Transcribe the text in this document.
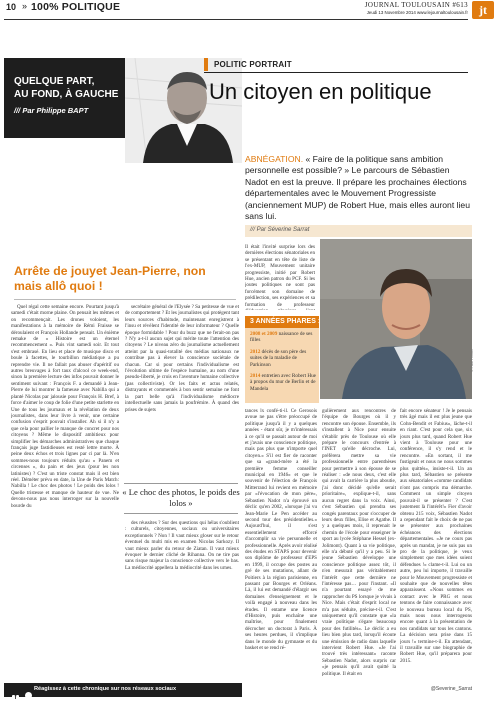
10 » 100% POLITIQUE	JOURNAL TOULOUSAIN #613
Jeudi 13 Novembre 2014 www.lejournaltoulousain.fr jt
QUELQUE PART,
AU FOND, À GAUCHE
/// Par Philippe BAPT
Arrête de jouyet Jean-Pierre, non mais allô quoi !

Quel régal cette semaine encore. Pourtant jusqu'à samedi c'était morne plaine. On pensait les mêmes et on recommençait. Les drones voloient, les manifestations à la mémoire de Rémi Fraisse se déroulaient et François Hollande pensait. Un énième remake de « Histoire est un éternel recommencement ». Puis vint samedi soir. Et tout s'est embrasé. En lieu et place de musique disco et boule à facettes, le tourbillon médiatique a pu reprendre vie. Il ne fallait pas abuser d'apéritif ou autres breuvages à fort taux d'alcool ce week-end, sinon la première lecture des infos pouvait donner le sentiment suivant : François F. a demandé à Jean-Pierre de lui montrer la fameuse avec Nabilla qui a planté Nicolas par jalousie pour François H. Bref, à force d'aimer le coup de folie d'une petite starlette en Une de tous les journaux et la révélation de deux journalistes, dans leur livre à venir, une certaine confusion s'esprit pouvait s'installer. Ah si il n'y a que cela pour pallier le manque de concret pour nos citoyens ? Même le dispositif ambitieux pour simplifier les démarches administratives que chaque français juge fastidieuses est resté lettre morte. À peine deux échos et trois lignes par ci par là. N'en sommes-nous toujours réduits qu'au « Panem et circenses », du pain et des jeux (pour les non latinistes) ? C'est un triste constat mais il est bien réel. Déméter prévu en date, la Une de Paris Match: Nabilla ! Le choc des photos ! Le poids des lolos ! Quelle tristesse et manque de hauteur de vue. Ne devons-nous pas nous interroger sur la nouvelle bourde du

secrétaire général de l'Elysée ? Sa petitesse de vue et de comportement ? Et les journalistes qui protègent tant leurs sources d'habitude, maintenant enregistrent à l'insu et révèlent l'identité de leur informateur ? Quelle époque formidable ! Pour du buzz que ne ferait-on pas ? N'y a-t-il aucun sujet qui mérite toute l'attention des citoyens ? Le niveau zéro du journalisme actuellement atteint par la quasi-totalité des médias nationaux ne contribue pas à élever la conscience sociétale de chacun. Car si pour certains l'individualisme est l'évolution ultime de l'espèce humaine, au nom d'une pseudo-liberté, je crois en l'aventure humaine collective (pas collectiviste). Or les faits et actus relatés, distrayants et commentés à bon sentir semaine ne font la part belle qu'à l'individualisme médiocre intellectuelle sans jamais la poufrémire. À quand des prises de sujets

« Le choc des photos, le poids des lolos »

des réussites ? Sur des questions qui hélas s'oublient : culturels, citoyennes, sociaux ou universitaires exceptionnels ? Non ! Il vaut mieux gloser sur le retour éventuel du multi mis en examen Nicolas Sarkozy. Il vaut mieux parler du retour de Ziatan. Il vaut mieux évoquer le dernier cliché de Rihanna. On ne tire pas sans risque majeur la conscience collective vers le bas. La médiocrité appellera la médiocrité dans les urnes.

f
Réagissez à cette chronique sur nos réseaux sociaux
POLITIC PORTRAIT
Un citoyen en politique
ABNÉGATION. « Faire de la politique sans ambition personnelle est possible? » Le parcours de Sébastien Nadot en est la preuve. Il prépare les prochaines élections départementales avec le Mouvement Progressiste (anciennement MUP) de Robert Hue, mais elles auront lieu sans lui.
/// Par Séverine Sarrat
© Paul Pellicer

Il était l'invité surprise lors des dernières élections sénatoriales en se présentant en tête de liste de l'ex-MUP, Mouvement unitaire progressiste, initié par Robert Hue, ancien patron du PCF. Si les joutes politiques ne sont pas forcément son domaine de prédilection, ses expériences et sa formation de professeur

3 ANNÉES PHARES :
2008 et 2009 naissance de ses filles
2012 décès de son père des suites de la maladie de Parkinson
2014 entretien avec Robert Hue à propos du mur de Berlin et de Mandela

tances lx confé-ti-il. Ce Gerosois avoue ne pas s'être préoccupé de politique jusqu'à il y a quelques années - étant sûr, je m'intéressais à ce qu'il se passait autour de moi et j'avais une conscience politique, mais pas plus que n'importe quel citoyen.» S'il est fier de raconter que sa «grand-mère a été la première femme conseiller municipal en 1946» et que le souvenir de l'élection de François Mitterrand lui revient en mémoire par «l'évocation de mon père», Sébastien Nadot n'a éprouvé un déclic qu'en 2002, «lorsque j'ai vu Jean-Marie Le Pen accéder au second tour des présidentielles.» Aujourd'hui, il s'est essentiellement efforcé d'accomplir sa vie personnelle et professionnelle. Après avoir réalisé des études en STAPS pour devenir son diplôme de professeur d'EPS en 1999, il occupe des postes au gré de ses mutations, allant de Poitiers à la région parisienne, en passant par Bourges et Orléans. Là, il lui est demandé d'élargir ses domaines d'enseignement et le voilà engagé à nouveau dans les études. Il entame une licence d'Histoire, puis enchaîne une maîtrise, pour finalement décrocher un doctorat à Paris. À ses heures perdues, il s'implique dans le monde du gymnaste et du basket et se rend ré-

gulièrement aux rencontres de l'équipe de Bourges où il y rencontre son épouse. Ensemble, ils s'installent à Nice pour ensuite s'établir près de Toulouse où elle prépare le concours d'entrée à l'INET qu'elle décroche. Lui, préfèrera mettre sa vie professionnelle entre parenthèses pour permettre à son épouse de se réaliser : «de nous deux, c'est elle qui avait la carrière la plus aboutie, j'ai donc décidé qu'elle serait prioritaire», explique-t-il, sans aucun regret dans la voix. Ainsi, c'est Sébastien qui prendra ses congés parentaux pour s'occuper de leurs deux filles, Elise et Agathe. Il y a quelques mois, il reprenait le chemin de l'école pour enseigner le sport au lycée Stéphane Hessel (ex-Jolimont). Quant à sa vie politique, elle n'a débuté qu'il y a peu. Si le jeune Sébastien développe une conscience politique assez tôt, il n'en mesurait pas véritablement l'intérêt que cette dernière ne l'intéresse pas… pour l'instant. «Il n'a pourtant essayé de me rapprocher du PS lorsque je vivais à Nice. Mais c'était d'esprit local ne m'a pas séduite, précise-t-il. C'est uniquement qu'il constate que «la vraie politique s'égare beaucoup pour des futilités». Le déclic a eu lieu bien plus tard, lorsqu'il écoute une émission de radio dans laquelle intervient Robert Hue. «Je l'ai trouvé très intéressant» raconte Sébastien Nadot, alors surpris car «je pensais qu'il avait quitté la politique. Il était en

fait encore sénateur ! Je le pensais très âgé mais il est plus jeune que Cohn-Bendit et Fabius», lâche-t-il en riant. C'est pour cela que, six jours plus tard, quand Robert Hue vient à Toulouse pour une conférence, il s'y rend et le rencontre. «En sortant, il me fustigeait et nous ne nous sommes plus quittés», insiste-t-il. Un an plus tard, Sébastien se présente aux sénatoriales «comme candidats n'ont pas compris ma démarche. Comment un simple citoyen pouvait-il se présenter ? C'est justement là l'intérêt!» Fier d'avoir obtenu 215 voix, Sébastien Nadot a cependant fait le choix de ne pas se présenter aux prochaines échéances des élections départementales. «Je ne cours pas après un mandat, je ne suis pas un pro de la politique, je veux simplement que mes idées soient défendues !» clame-t-il. Lui ou un autre, peu lui importe, il travaille pour le Mouvement progressiste et souhaite que de nouvelles têtes apparaissent. «Nous sommes en contact avec le PRG et nous tentons de faire connaissance avec le nouveau bureau local du PS, mais nous nous interrogeons encore quant à la présentation de nos candidats sur tous les cantons. La décision sera prise dans 15 jours !» termine-t-il. En attendant, il travaille sur une biographie de Robert Hue, qu'il préparera pour 2015.

@Severine_Sarrat
